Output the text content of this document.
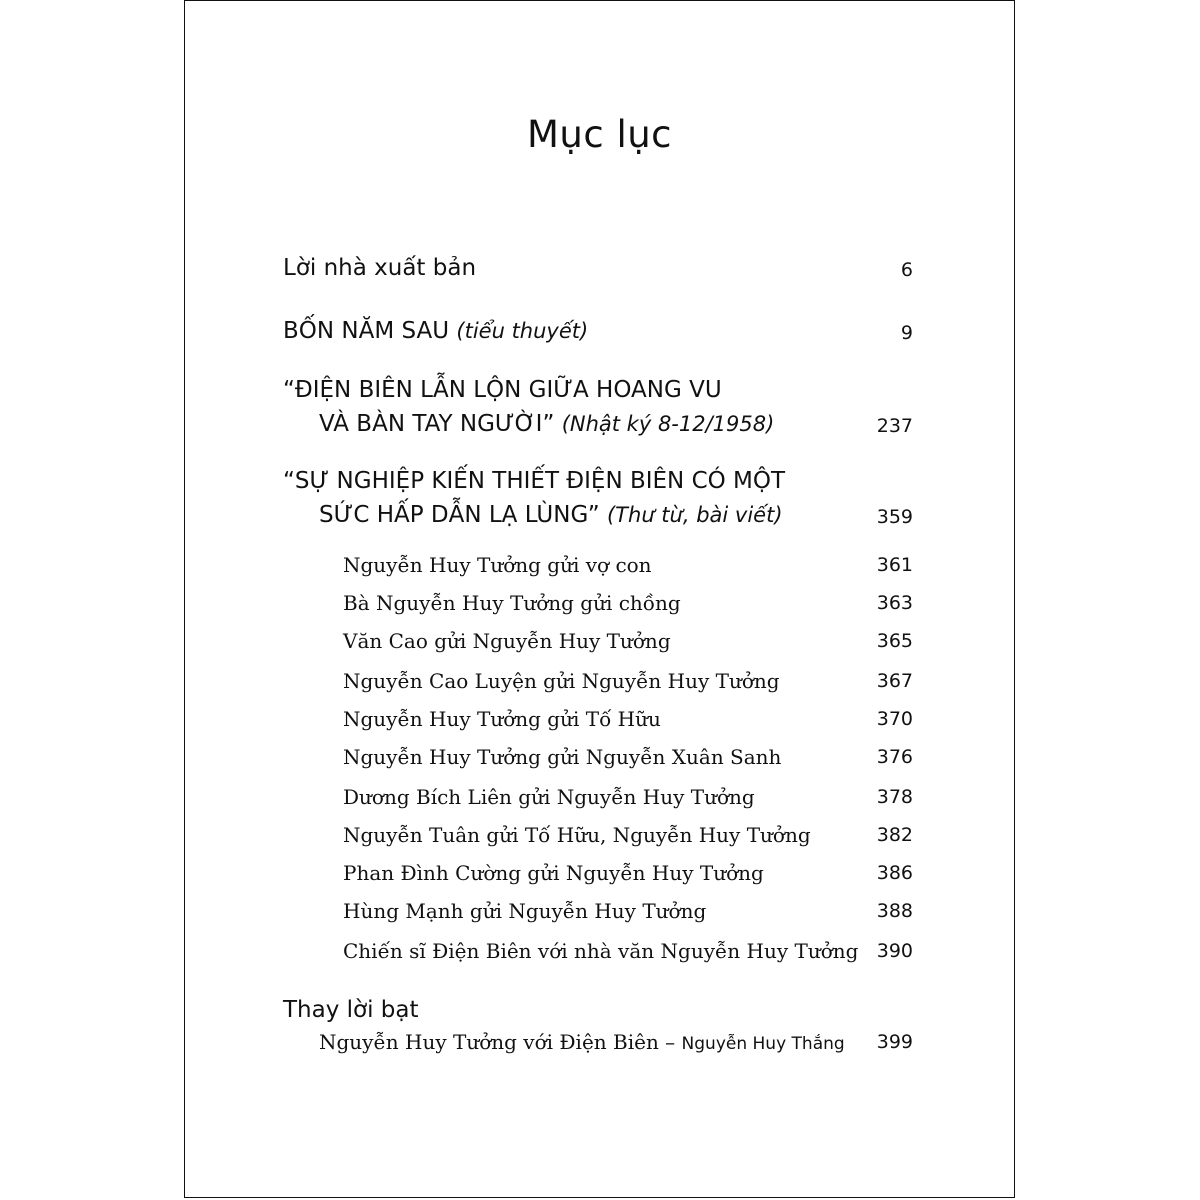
Mục lục
Lời nhà xuất bản	6
BỐN NĂM SAU (tiểu thuyết)	9
“ĐIỆN BIÊN LẪN LỘN GIỮA HOANG VU
VÀ BÀN TAY NGƯỜI” (Nhật ký 8-12/1958)	237
“SỰ NGHIỆP KIẾN THIẾT ĐIỆN BIÊN CÓ MỘT
SỨC HẤP DẪN LẠ LÙNG” (Thư từ, bài viết)	359
Nguyễn Huy Tưởng gửi vợ con	361
Bà Nguyễn Huy Tưởng gửi chồng	363
Văn Cao gửi Nguyễn Huy Tưởng	365
Nguyễn Cao Luyện gửi Nguyễn Huy Tưởng	367
Nguyễn Huy Tưởng gửi Tố Hữu	370
Nguyễn Huy Tưởng gửi Nguyễn Xuân Sanh	376
Dương Bích Liên gửi Nguyễn Huy Tưởng	378
Nguyễn Tuân gửi Tố Hữu, Nguyễn Huy Tưởng	382
Phan Đình Cường gửi Nguyễn Huy Tưởng	386
Hùng Mạnh gửi Nguyễn Huy Tưởng	388
Chiến sĩ Điện Biên với nhà văn Nguyễn Huy Tưởng 390
Thay lời bạt
Nguyễn Huy Tưởng với Điện Biên – Nguyễn Huy Thắng 399
